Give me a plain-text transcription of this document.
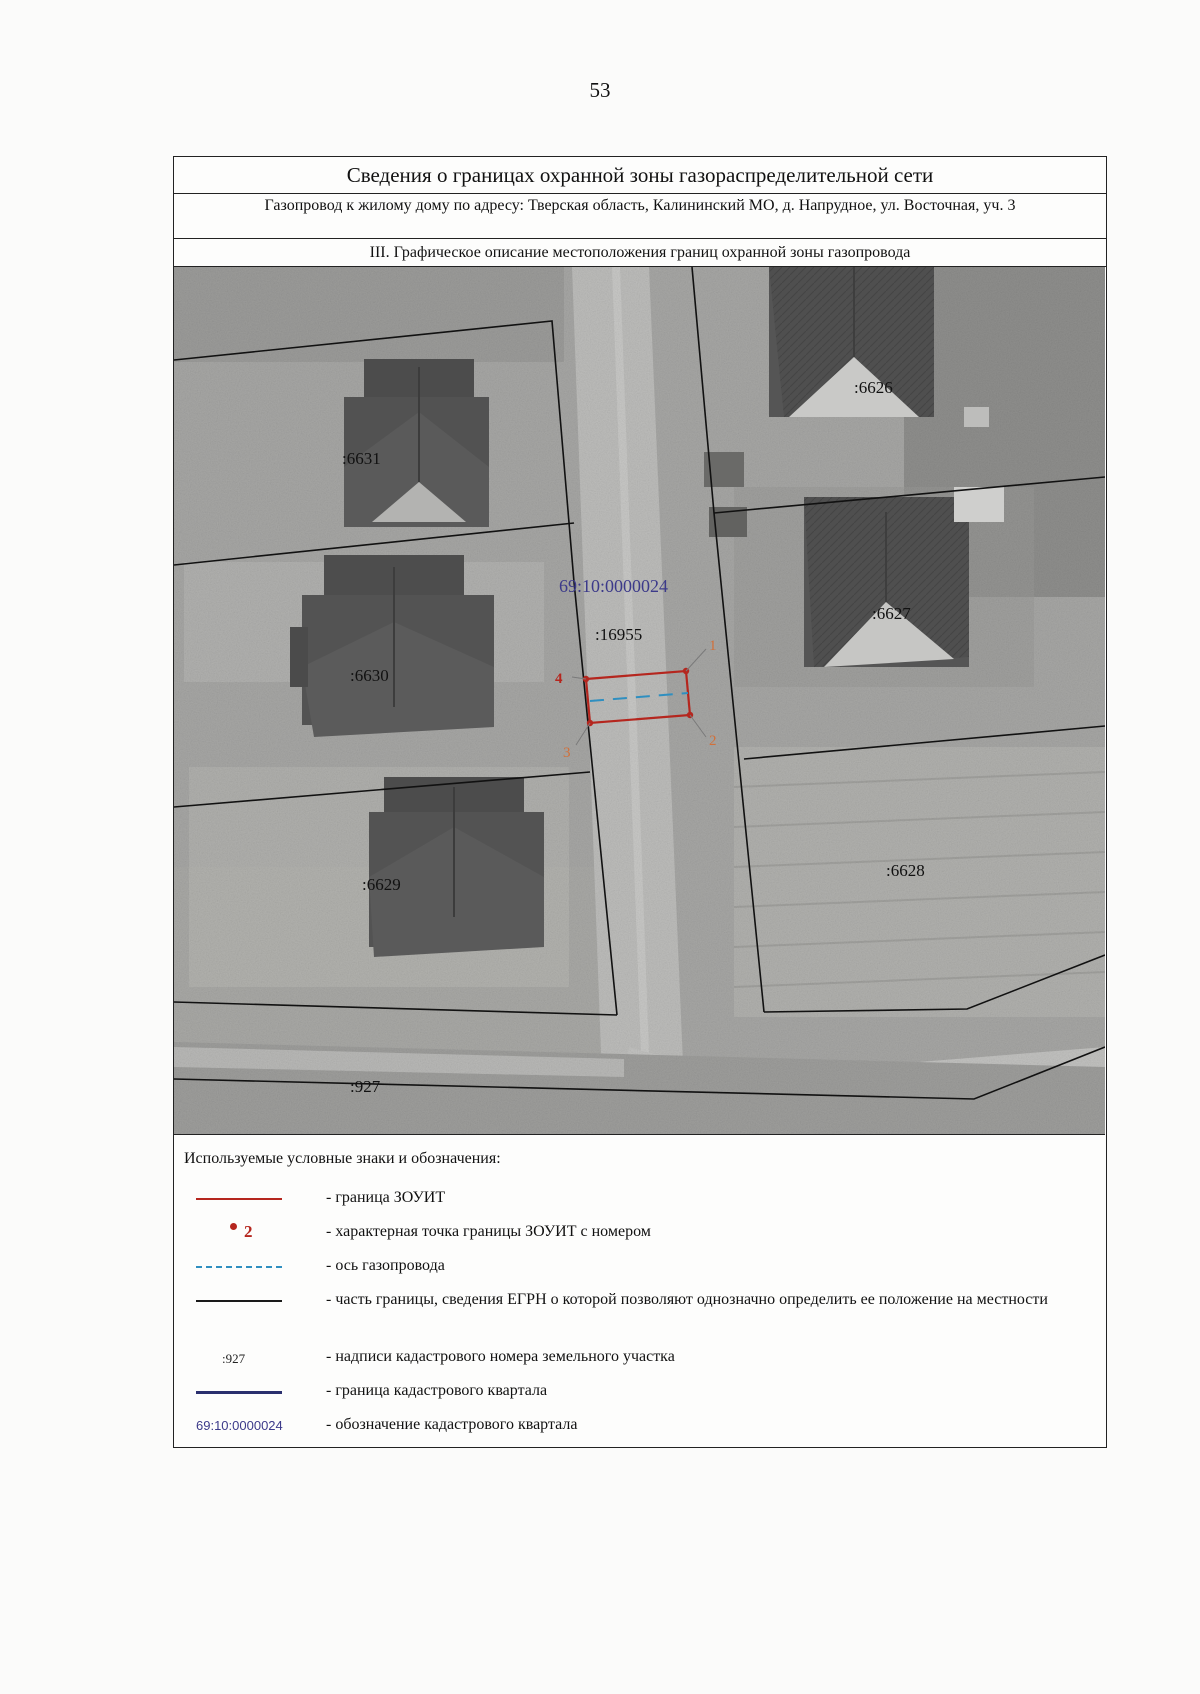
53
Сведения о границах охранной зоны газораспределительной сети
Газопровод к жилому дому по адресу: Тверская область, Калининский МО, д. Напрудное, ул. Восточная, уч. 3
III. Графическое описание местоположения границ охранной зоны газопровода
:6626
:6631
:6627
:16955
:6630
:6629
:6628
:927
69:10:0000024
1
2
3
4
Используемые условные знаки и обозначения:
- граница ЗОУИТ
2	- характерная точка границы ЗОУИТ с номером
- ось газопровода
- часть границы, сведения ЕГРН о которой позволяют однозначно определить ее положение на местности
:927	- надписи кадастрового номера земельного участка
- граница кадастрового квартала
69:10:0000024	- обозначение кадастрового квартала
